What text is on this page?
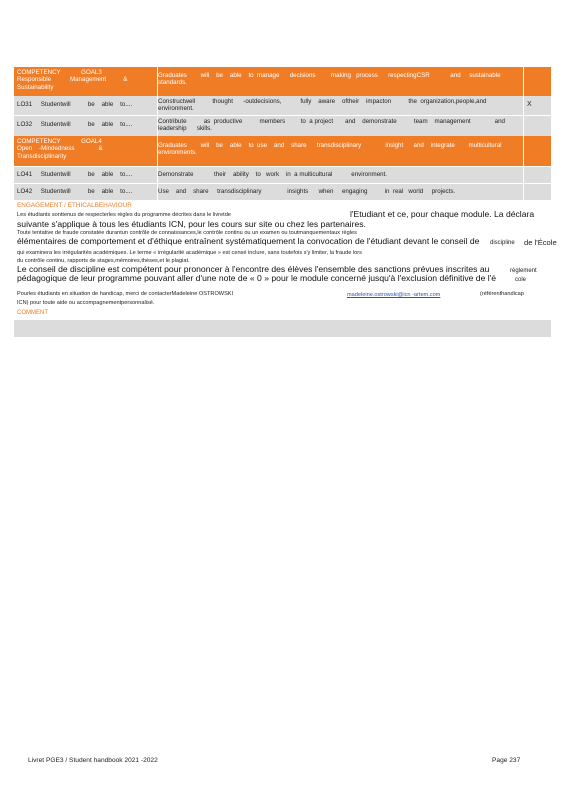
COMPETENCY            GOAL3
Responsible           Management          &
Sustainability
Graduates        will    be    able    to  manage      decisions         making   process      respectingCSR            and     sustainable
standards.
LO31     Studentwill          be    able    to....	Constructwell          thought      -outdecisions,           fully    aware    oftheir    impacton          the  organization,people,and
environment.
X
LO32     Studentwill          be    able    to....	Contribute          as  productive          members         to  a project       and    demonstrate          team    management              and
leadership      skills.
COMPETENCY            GOAL4
Open    -Mindedness              &
Transdisciplinarity
Graduates        will    be    able    to  use    and    share      transdisciplinary              insight      and    integrate        multicultural
environments.
LO41     Studentwill          be    able    to....	Demonstrate            their    ability    to   work    in  a multicultural           environment.
LO42     Studentwill          be    able    to....	Use    and    share     transdisciplinary               insights      when     engaging          in  real   world     projects.
ENGAGEMENT / ETHICALBEHAVIOUR
Les étudiants sonttenus de respecterles règles du programme décrites dans le livretde	l'Etudiant et ce, pour chaque module. La déclara
suivante s'applique à tous les étudiants ICN, pour les cours sur site ou chez les partenaires.
Toute tentative de fraude constatée durantun contrôle de connaissances,le contrôle continu ou un examen ou toutmanquementaux règles
élémentaires de comportement et d'éthique entraînent systématiquement la convocation de l'étudiant devant le conseil de	discipline de l'École
qui examinera les irrégularités académiques. Le terme « irrégularité académique » est censé inclure, sans toutefois s'y limiter, la fraude lors
du contrôle continu, rapports de stages,mémoires,thèses,et le plagiat.
Le conseil de discipline est compétent pour prononcer à l'encontre des élèves l'ensemble des sanctions prévues inscrites au	règlement
pédagogique de leur programme pouvant aller d'une note de « 0 » pour le module concerné jusqu'à l'exclusion définitive de l'é	cole
Pourles étudiants en situation de handicap, merci de contacterMadeleine OSTROWSKI	madeleine.ostrowski@icn -artem.com	(référenthandicap
ICN) pour toute aide ou accompagnementpersonnalisé.
COMMENT
Livret PGE3 / Student handbook 2021 -2022	Page 237
